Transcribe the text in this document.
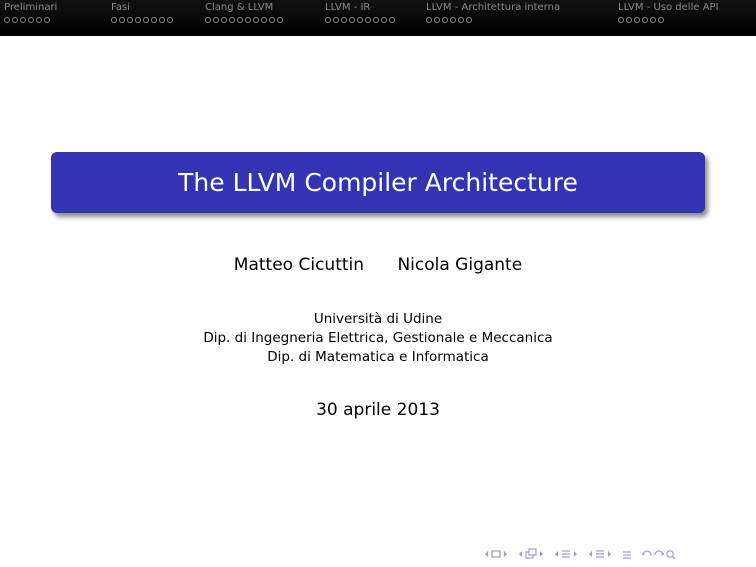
Preliminari	Fasi	Clang & LLVM	LLVM - IR	LLVM - Architettura interna	LLVM - Uso delle API
The LLVM Compiler Architecture
Matteo Cicuttin Nicola Gigante
Università di Udine
Dip. di Ingegneria Elettrica, Gestionale e Meccanica
Dip. di Matematica e Informatica
30 aprile 2013
